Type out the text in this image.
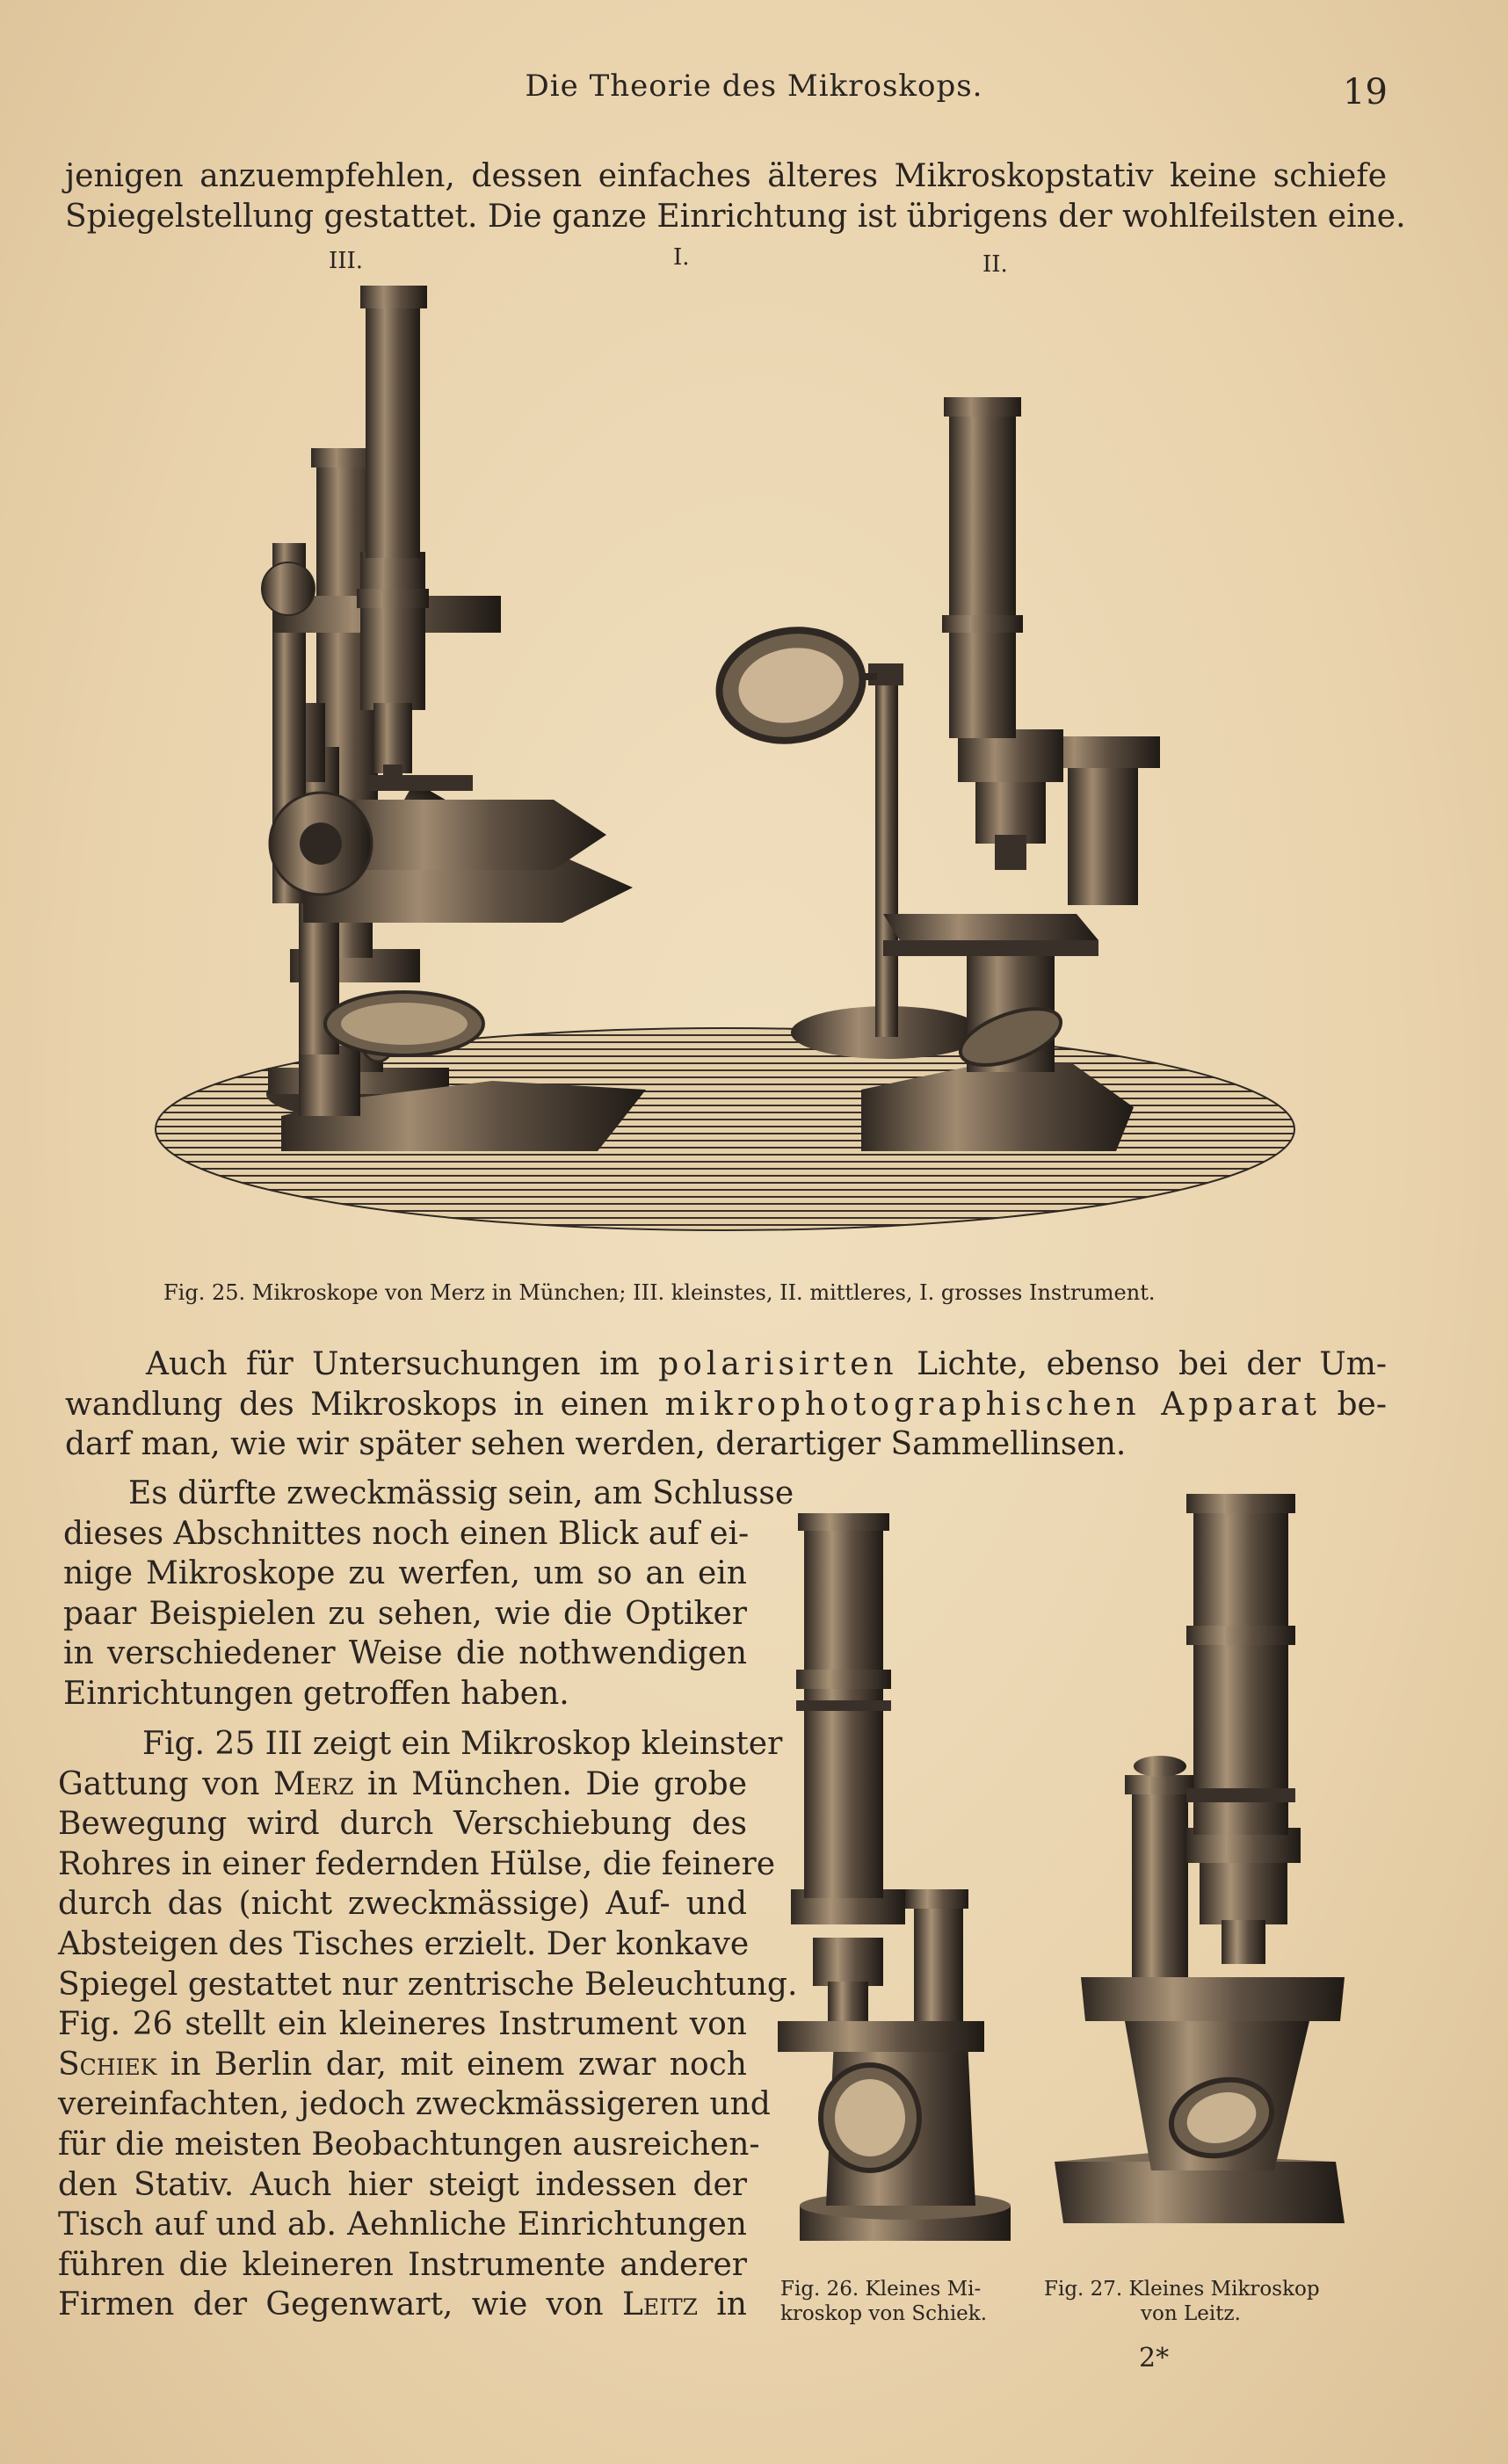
Die Theorie des Mikroskops.	19
jenigen anzuempfehlen, dessen einfaches älteres Mikroskopstativ keine schiefe
Spiegelstellung gestattet. Die ganze Einrichtung ist übrigens der wohlfeilsten eine.
III.	I.	II.
Fig. 25. Mikroskope von Merz in München; III. kleinstes, II. mittleres, I. grosses Instrument.
Auch für Untersuchungen im polarisirten Lichte, ebenso bei der Um-
wandlung des Mikroskops in einen mikrophotographischen Apparat be-
darf man, wie wir später sehen werden, derartiger Sammellinsen.
Es dürfte zweckmässig sein, am Schlusse
dieses Abschnittes noch einen Blick auf ei-
nige Mikroskope zu werfen, um so an ein
paar Beispielen zu sehen, wie die Optiker
in verschiedener Weise die nothwendigen
Einrichtungen getroffen haben.
Fig. 25 III zeigt ein Mikroskop kleinster
Gattung von Merz in München. Die grobe
Bewegung wird durch Verschiebung des
Rohres in einer federnden Hülse, die feinere
durch das (nicht zweckmässige) Auf- und
Absteigen des Tisches erzielt. Der konkave
Spiegel gestattet nur zentrische Beleuchtung.
Fig. 26 stellt ein kleineres Instrument von
Schiek in Berlin dar, mit einem zwar noch
vereinfachten, jedoch zweckmässigeren und
für die meisten Beobachtungen ausreichen-
den Stativ. Auch hier steigt indessen der
Tisch auf und ab. Aehnliche Einrichtungen
führen die kleineren Instrumente anderer
Firmen der Gegenwart, wie von Leitz in Fig. 26. Kleines Mi-
kroskop von Schiek.
Fig. 27. Kleines Mikroskop
von Leitz.
2*
